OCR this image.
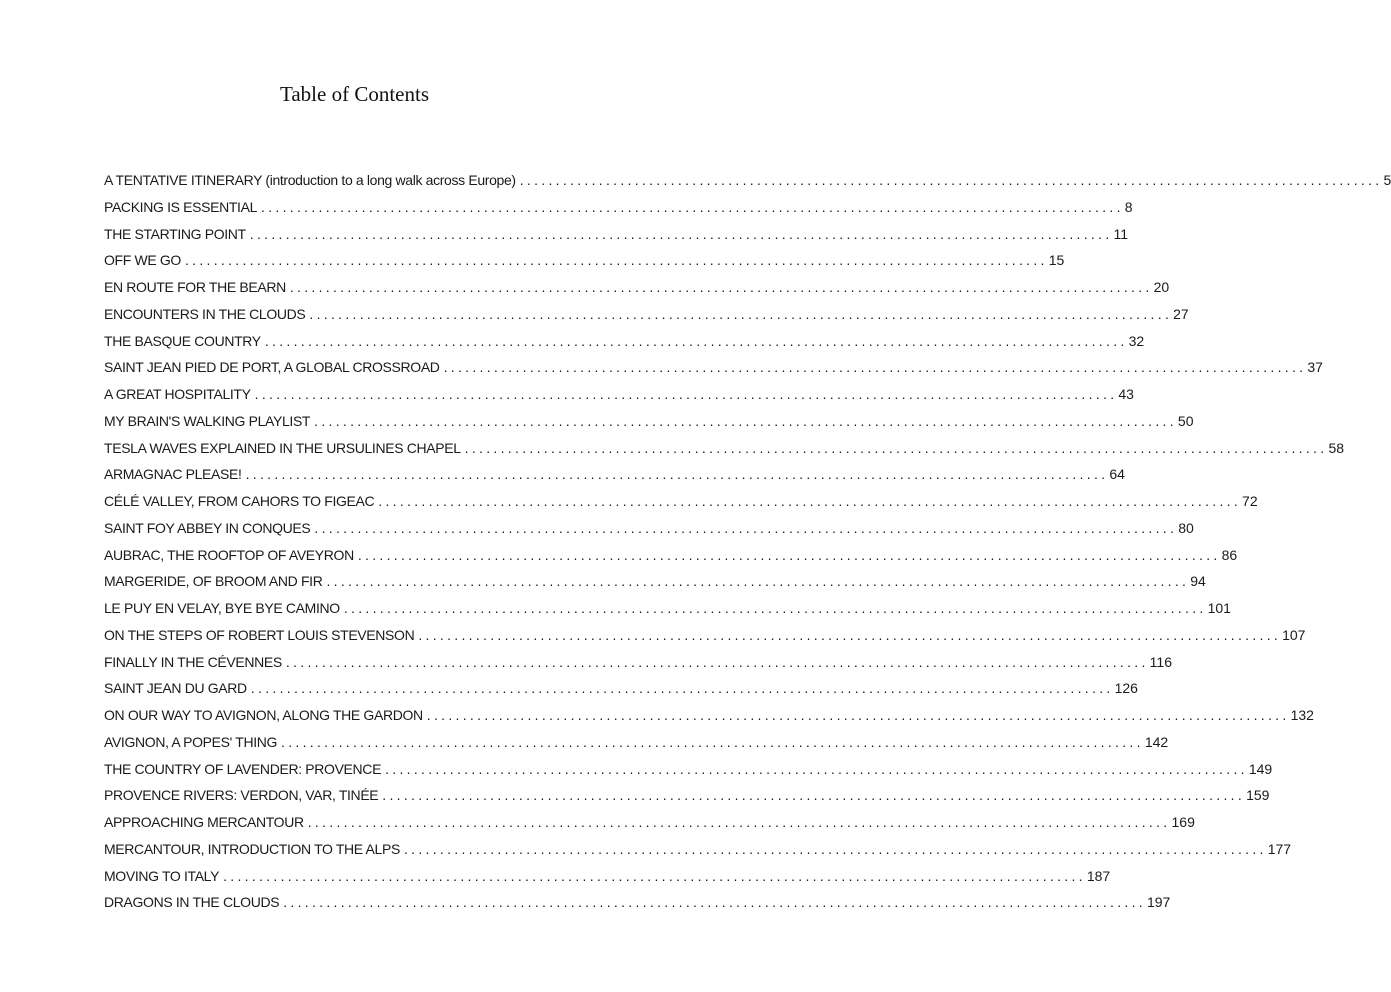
Table of Contents
A TENTATIVE ITINERARY (introduction to a long walk across Europe) ........................................................................................................................ 5
PACKING IS ESSENTIAL ........................................................................................................................ 8
THE STARTING POINT ........................................................................................................................ 11
OFF WE GO ........................................................................................................................ 15
EN ROUTE FOR THE BEARN ........................................................................................................................ 20
ENCOUNTERS IN THE CLOUDS ........................................................................................................................ 27
THE BASQUE COUNTRY ........................................................................................................................ 32
SAINT JEAN PIED DE PORT, A GLOBAL CROSSROAD ........................................................................................................................ 37
A GREAT HOSPITALITY ........................................................................................................................ 43
MY BRAIN'S WALKING PLAYLIST ........................................................................................................................ 50
TESLA WAVES EXPLAINED IN THE URSULINES CHAPEL ........................................................................................................................ 58
ARMAGNAC PLEASE! ........................................................................................................................ 64
CÉLÉ VALLEY, FROM CAHORS TO FIGEAC ........................................................................................................................ 72
SAINT FOY ABBEY IN CONQUES ........................................................................................................................ 80
AUBRAC, THE ROOFTOP OF AVEYRON ........................................................................................................................ 86
MARGERIDE, OF BROOM AND FIR ........................................................................................................................ 94
LE PUY EN VELAY, BYE BYE CAMINO ........................................................................................................................ 101
ON THE STEPS OF ROBERT LOUIS STEVENSON ........................................................................................................................ 107
FINALLY IN THE CÉVENNES ........................................................................................................................ 116
SAINT JEAN DU GARD ........................................................................................................................ 126
ON OUR WAY TO AVIGNON, ALONG THE GARDON ........................................................................................................................ 132
AVIGNON, A POPES' THING ........................................................................................................................ 142
THE COUNTRY OF LAVENDER: PROVENCE ........................................................................................................................ 149
PROVENCE RIVERS: VERDON, VAR, TINÉE ........................................................................................................................ 159
APPROACHING MERCANTOUR ........................................................................................................................ 169
MERCANTOUR, INTRODUCTION TO THE ALPS ........................................................................................................................ 177
MOVING TO ITALY ........................................................................................................................ 187
DRAGONS IN THE CLOUDS ........................................................................................................................ 197
